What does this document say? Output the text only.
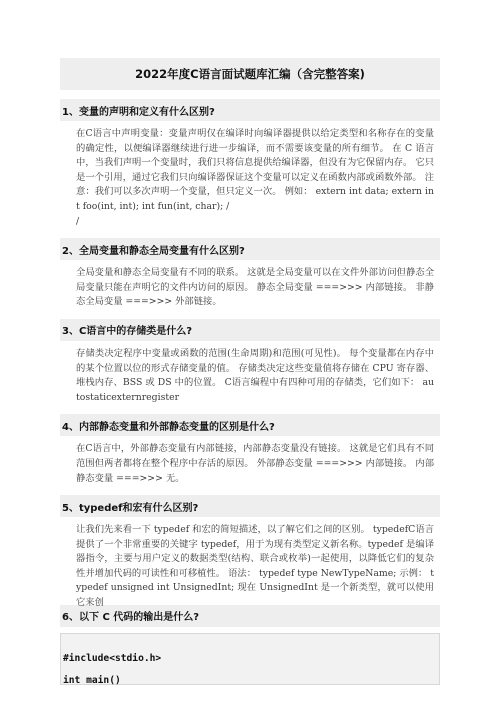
2022年度C语言面试题库汇编（含完整答案)
1、变量的声明和定义有什么区别?
在C语言中声明变量：变量声明仅在编译时向编译器提供以给定类型和名称存在的变量的确定性，以便编译器继续进行进一步编译，而不需要该变量的所有细节。 在 C 语言中，当我们声明一个变量时，我们只将信息提供给编译器，但没有为它保留内存。 它只是一个引用，通过它我们只向编译器保证这个变量可以定义在函数内部或函数外部。 注意：我们可以多次声明一个变量，但只定义一次。 例如： extern int data; extern int foo(int, int); int fun(int, char); /
/
2、全局变量和静态全局变量有什么区别?
全局变量和静态全局变量有不同的联系。 这就是全局变量可以在文件外部访问但静态全局变量只能在声明它的文件内访问的原因。 静态全局变量 ===>>> 内部链接。 非静态全局变量 ===>>> 外部链接。
3、C语言中的存储类是什么?
存储类决定程序中变量或函数的范围(生命周期)和范围(可见性)。 每个变量都在内存中的某个位置以位的形式存储变量的值。 存储类决定这些变量值将存储在 CPU 寄存器、堆栈内存、BSS 或 DS 中的位置。 C语言编程中有四种可用的存储类，它们如下： autostaticexternregister
4、内部静态变量和外部静态变量的区别是什么?
在C语言中，外部静态变量有内部链接，内部静态变量没有链接。 这就是它们具有不同范围但两者都将在整个程序中存活的原因。 外部静态变量 ===>>> 内部链接。 内部静态变量 ===>>> 无。
5、typedef和宏有什么区别?
让我们先来看一下 typedef 和宏的简短描述，以了解它们之间的区别。 typedefC语言提供了一个非常重要的关键字 typedef，用于为现有类型定义新名称。typedef 是编译器指令，主要与用户定义的数据类型(结构、联合或枚举)一起使用，以降低它们的复杂性并增加代码的可读性和可移植性。 语法： typedef type NewTypeName; 示例： typedef unsigned int UnsignedInt; 现在 UnsignedInt 是一个新类型，就可以使用它来创
6、以下 C 代码的输出是什么?
#include<stdio.h>
int main()
